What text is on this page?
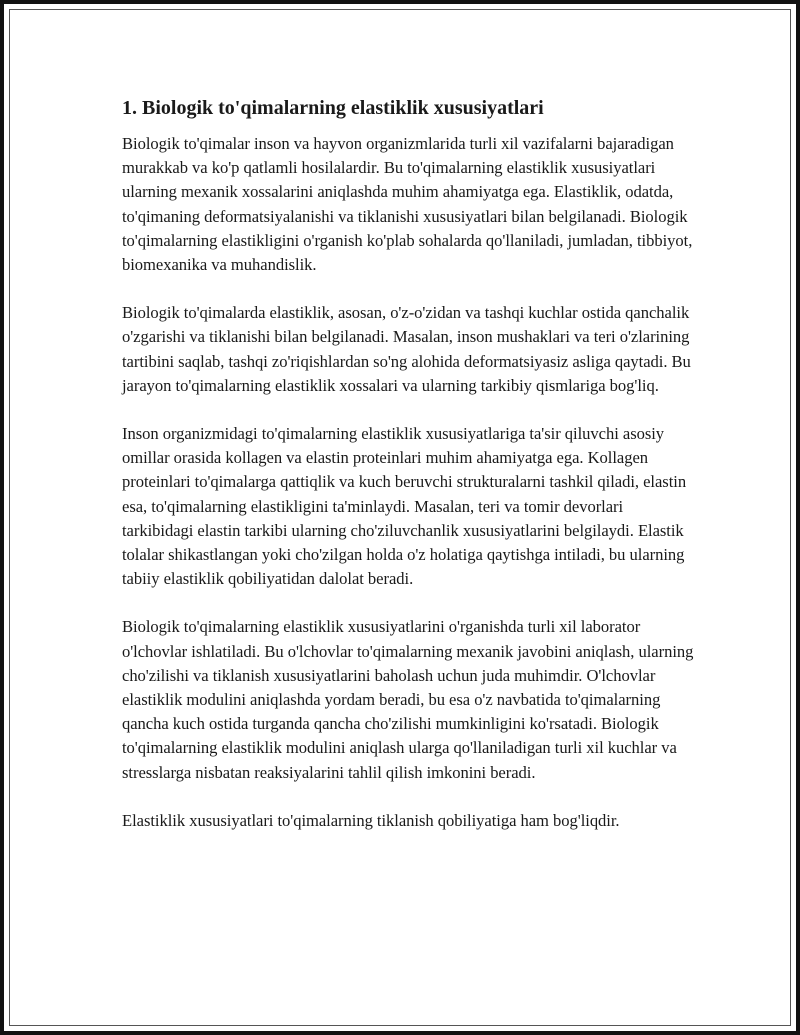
1. Biologik to'qimalarning elastiklik xususiyatlari

Biologik to'qimalar inson va hayvon organizmlarida turli xil vazifalarni bajaradigan murakkab va ko'p qatlamli hosilalardir. Bu to'qimalarning elastiklik xususiyatlari ularning mexanik xossalarini aniqlashda muhim ahamiyatga ega. Elastiklik, odatda, to'qimaning deformatsiyalanishi va tiklanishi xususiyatlari bilan belgilanadi. Biologik to'qimalarning elastikligini o'rganish ko'plab sohalarda qo'llaniladi, jumladan, tibbiyot, biomexanika va muhandislik.

Biologik to'qimalarda elastiklik, asosan, o'z-o'zidan va tashqi kuchlar ostida qanchalik o'zgarishi va tiklanishi bilan belgilanadi. Masalan, inson mushaklari va teri o'zlarining tartibini saqlab, tashqi zo'riqishlardan so'ng alohida deformatsiyasiz asliga qaytadi. Bu jarayon to'qimalarning elastiklik xossalari va ularning tarkibiy qismlariga bog'liq.

Inson organizmidagi to'qimalarning elastiklik xususiyatlariga ta'sir qiluvchi asosiy omillar orasida kollagen va elastin proteinlari muhim ahamiyatga ega. Kollagen proteinlari to'qimalarga qattiqlik va kuch beruvchi strukturalarni tashkil qiladi, elastin esa, to'qimalarning elastikligini ta'minlaydi. Masalan, teri va tomir devorlari tarkibidagi elastin tarkibi ularning cho'ziluvchanlik xususiyatlarini belgilaydi. Elastik tolalar shikastlangan yoki cho'zilgan holda o'z holatiga qaytishga intiladi, bu ularning tabiiy elastiklik qobiliyatidan dalolat beradi.

Biologik to'qimalarning elastiklik xususiyatlarini o'rganishda turli xil laborator o'lchovlar ishlatiladi. Bu o'lchovlar to'qimalarning mexanik javobini aniqlash, ularning cho'zilishi va tiklanish xususiyatlarini baholash uchun juda muhimdir. O'lchovlar elastiklik modulini aniqlashda yordam beradi, bu esa o'z navbatida to'qimalarning qancha kuch ostida turganda qancha cho'zilishi mumkinligini ko'rsatadi. Biologik to'qimalarning elastiklik modulini aniqlash ularga qo'llaniladigan turli xil kuchlar va stresslarga nisbatan reaksiyalarini tahlil qilish imkonini beradi.

Elastiklik xususiyatlari to'qimalarning tiklanish qobiliyatiga ham bog'liqdir.
